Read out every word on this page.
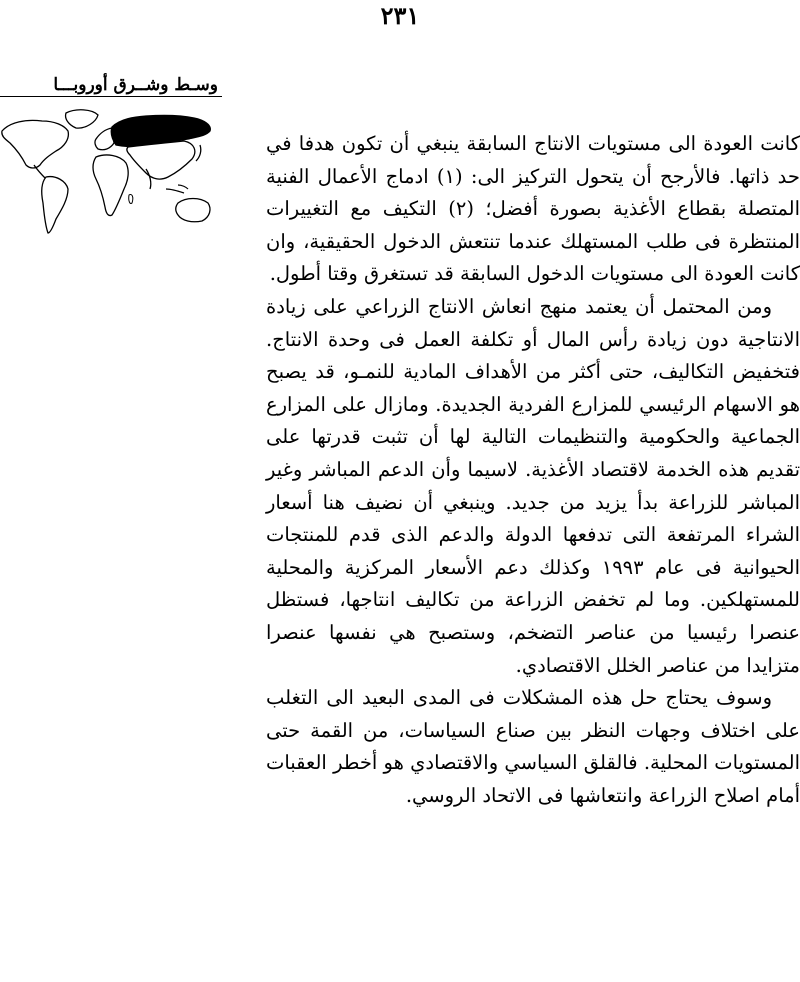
٢٣١
وسـط وشــرق أوروبـــا

كانت العودة الى مستويات الانتاج السابقة ينبغي أن تكون هدفا في حد ذاتها. فالأرجح أن يتحول التركيز الى: (١) ادماج الأعمال الفنية المتصلة بقطاع الأغذية بصورة أفضل؛ (٢) التكيف مع التغييرات المنتظرة فى طلب المستهلك عندما تنتعش الدخول الحقيقية، وان كانت العودة الى مستويات الدخول السابقة قد تستغرق وقتا أطول.

ومن المحتمل أن يعتمد منهج انعاش الانتاج الزراعي على زيادة الانتاجية دون زيادة رأس المال أو تكلفة العمل فى وحدة الانتاج. فتخفيض التكاليف، حتى أكثر من الأهداف المادية للنمـو، قد يصبح هو الاسهام الرئيسي للمزارع الفردية الجديدة. ومازال على المزارع الجماعية والحكومية والتنظيمات التالية لها أن تثبت قدرتها على تقديم هذه الخدمة لاقتصاد الأغذية. لاسيما وأن الدعم المباشر وغير المباشر للزراعة بدأ يزيد من جديد. وينبغي أن نضيف هنا أسعار الشراء المرتفعة التى تدفعها الدولة والدعم الذى قدم للمنتجات الحيوانية فى عام ١٩٩٣ وكذلك دعم الأسعار المركزية والمحلية للمستهلكين. وما لم تخفض الزراعة من تكاليف انتاجها، فستظل عنصرا رئيسيا من عناصر التضخم، وستصبح هي نفسها عنصرا متزايدا من عناصر الخلل الاقتصادي.

وسوف يحتاج حل هذه المشكلات فى المدى البعيد الى التغلب على اختلاف وجهات النظر بين صناع السياسات، من القمة حتى المستويات المحلية. فالقلق السياسي والاقتصادي هو أخطر العقبات أمام اصلاح الزراعة وانتعاشها فى الاتحاد الروسي.
